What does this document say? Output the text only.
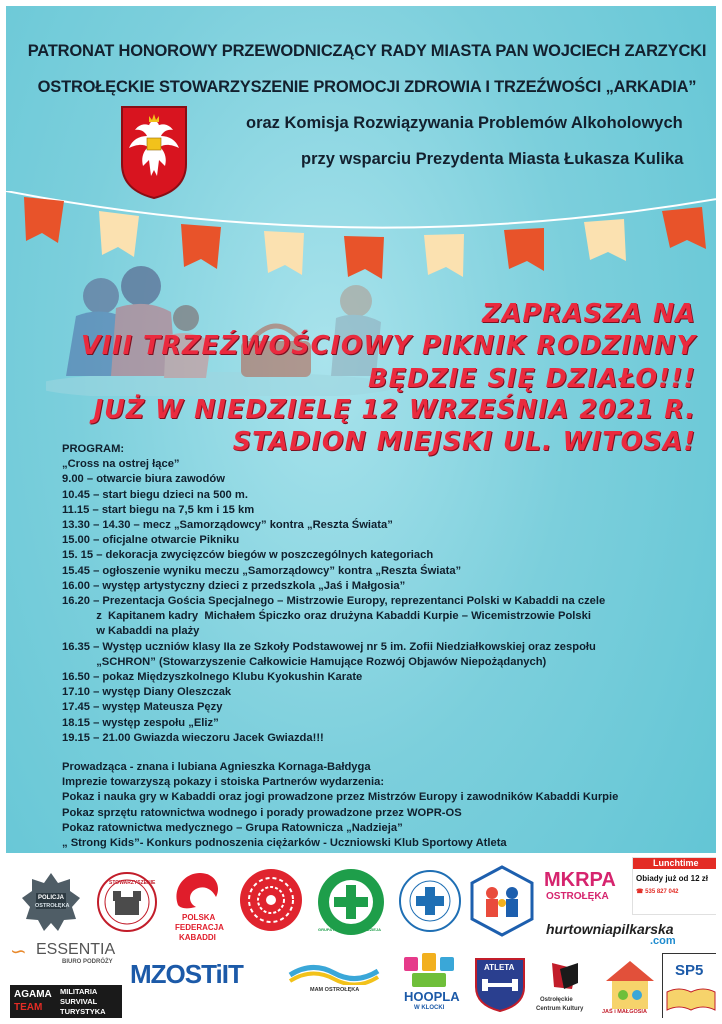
PATRONAT HONOROWY PRZEWODNICZĄCY RADY MIASTA PAN WOJCIECH ZARZYCKI
OSTROŁĘCKIE STOWARZYSZENIE PROMOCJI ZDROWIA I TRZEŹWOŚCI „ARKADIA”
oraz Komisja Rozwiązywania Problemów Alkoholowych
przy wsparciu Prezydenta Miasta Łukasza Kulika
ZAPRASZA NA
VIII TRZEŹWOŚCIOWY PIKNIK RODZINNY
BĘDZIE SIĘ DZIAŁO!!!
JUŻ W NIEDZIELĘ 12 WRZEŚNIA 2021 R.
STADION MIEJSKI UL. WITOSA!
PROGRAM:
„Cross na ostrej łące”
9.00 – otwarcie biura zawodów
10.45 – start biegu dzieci na 500 m.
11.15 – start biegu na 7,5 km i 15 km
13.30 – 14.30 – mecz „Samorządowcy” kontra „Reszta Świata”
15.00 – oficjalne otwarcie Pikniku
15. 15 – dekoracja zwycięzców biegów w poszczególnych kategoriach
15.45 – ogłoszenie wyniku meczu „Samorządowcy” kontra „Reszta Świata”
16.00 – występ artystyczny dzieci z przedszkola „Jaś i Małgosia”
16.20 – Prezentacja Gościa Specjalnego – Mistrzowie Europy, reprezentanci Polski w Kabaddi na czele
z  Kapitanem kadry  Michałem Śpiczko oraz drużyna Kabaddi Kurpie – Wicemistrzowie Polski
w Kabaddi na plaży
16.35 – Występ uczniów klasy IIa ze Szkoły Podstawowej nr 5 im. Zofii Niedziałkowskiej oraz zespołu
„SCHRON” (Stowarzyszenie Całkowicie Hamujące Rozwój Objawów Niepożądanych)
16.50 – pokaz Międzyszkolnego Klubu Kyokushin Karate
17.10 – występ Diany Oleszczak
17.45 – występ Mateusza Pęzy
18.15 – występ zespołu „Eliz”
19.15 – 21.00 Gwiazda wieczoru Jacek Gwiazda!!!
Prowadząca - znana i lubiana Agnieszka Kornaga-Bałdyga
Imprezie towarzyszą pokazy i stoiska Partnerów wydarzenia:
Pokaz i nauka gry w Kabaddi oraz jogi prowadzone przez Mistrzów Europy i zawodników Kabaddi Kurpie
Pokaz sprzętu ratownictwa wodnego i porady prowadzone przez WOPR-OS
Pokaz ratownictwa medycznego – Grupa Ratownicza „Nadzieja”
„ Strong Kids”- Konkurs podnoszenia ciężarków - Uczniowski Klub Sportowy Atleta
POLICJA
OSTROŁĘKA
STOWARZYSZENIE
POLSKA
FEDERACJA
KABADDI
GRUPA RATOWNICZA NADZIEJA
MKRPA
OSTROŁĘKA
Lunchtime
Obiady już od 12 zł
☎ 535 827 042
hurtowniapilkarska
.com
∽ ESSENTIA
BIURO PODRÓŻY
AGAMA
TEAM
MILITARIA
SURVIVAL
TURYSTYKA
MZOSTiIT
MAM OSTROŁĘKA	HOOPLA
W KLOCKI
ATLETA
Ostrołęckie
Centrum Kultury	JAŚ i MAŁGOSIA
SP5
